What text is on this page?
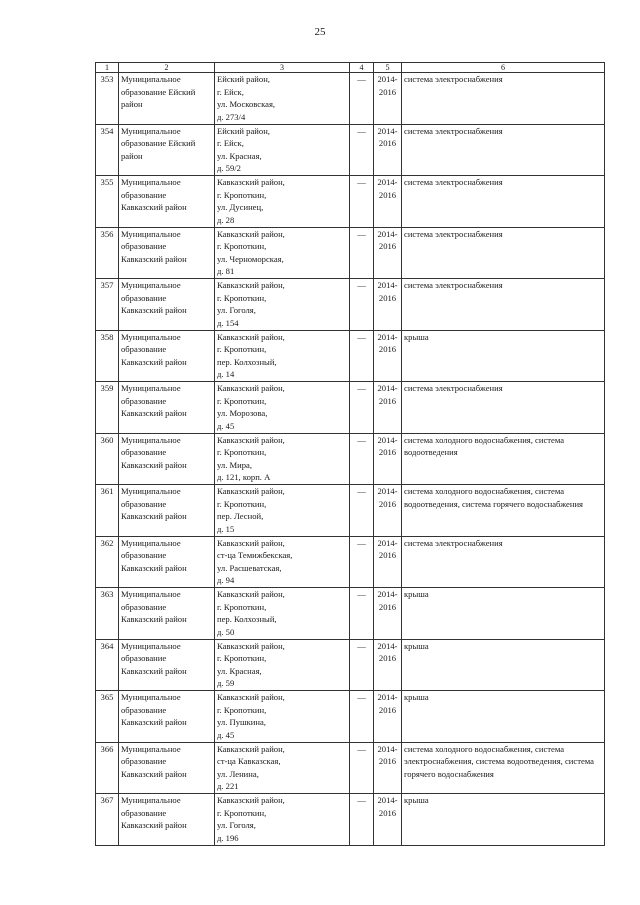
25
1	2	3	4	5	6
353	Муниципальное
образование Ейский
район	Ейский район,
г. Ейск,
ул. Московская,
д. 273/4	—	2014-
2016	система электроснабжения

354	Муниципальное
образование Ейский
район	Ейский район,
г. Ейск,
ул. Красная,
д. 59/2	—	2014-
2016	система электроснабжения

355	Муниципальное
образование
Кавказский район	Кавказский район,
г. Кропоткин,
ул. Дусинец,
д. 28	—	2014-
2016	система электроснабжения

356	Муниципальное
образование
Кавказский район	Кавказский район,
г. Кропоткин,
ул. Черноморская,
д. 81	—	2014-
2016	система электроснабжения

357	Муниципальное
образование
Кавказский район	Кавказский район,
г. Кропоткин,
ул. Гоголя,
д. 154	—	2014-
2016	система электроснабжения

358	Муниципальное
образование
Кавказский район	Кавказский район,
г. Кропоткин,
пер. Колхозный,
д. 14	—	2014-
2016	крыша

359	Муниципальное
образование
Кавказский район	Кавказский район,
г. Кропоткин,
ул. Морозова,
д. 45	—	2014-
2016	система электроснабжения

360	Муниципальное
образование
Кавказский район	Кавказский район,
г. Кропоткин,
ул. Мира,
д. 121, корп. А	—	2014-
2016	система холодного водоснабжения, система водоотведения

361	Муниципальное
образование
Кавказский район	Кавказский район,
г. Кропоткин,
пер. Лесной,
д. 15	—	2014-
2016	система холодного водоснабжения, система водоотведения, система горячего водоснабжения

362	Муниципальное
образование
Кавказский район	Кавказский район,
ст-ца Темижбекская,
ул. Расшеватская,
д. 94	—	2014-
2016	система электроснабжения

363	Муниципальное
образование
Кавказский район	Кавказский район,
г. Кропоткин,
пер. Колхозный,
д. 50	—	2014-
2016	крыша

364	Муниципальное
образование
Кавказский район	Кавказский район,
г. Кропоткин,
ул. Красная,
д. 59	—	2014-
2016	крыша

365	Муниципальное
образование
Кавказский район	Кавказский район,
г. Кропоткин,
ул. Пушкина,
д. 45	—	2014-
2016	крыша

366	Муниципальное
образование
Кавказский район	Кавказский район,
ст-ца Кавказская,
ул. Ленина,
д. 221	—	2014-
2016	система холодного водоснабжения, система электроснабжения, система водоотведения, система горячего водоснабжения

367	Муниципальное
образование
Кавказский район	Кавказский район,
г. Кропоткин,
ул. Гоголя,
д. 196	—	2014-
2016	крыша
